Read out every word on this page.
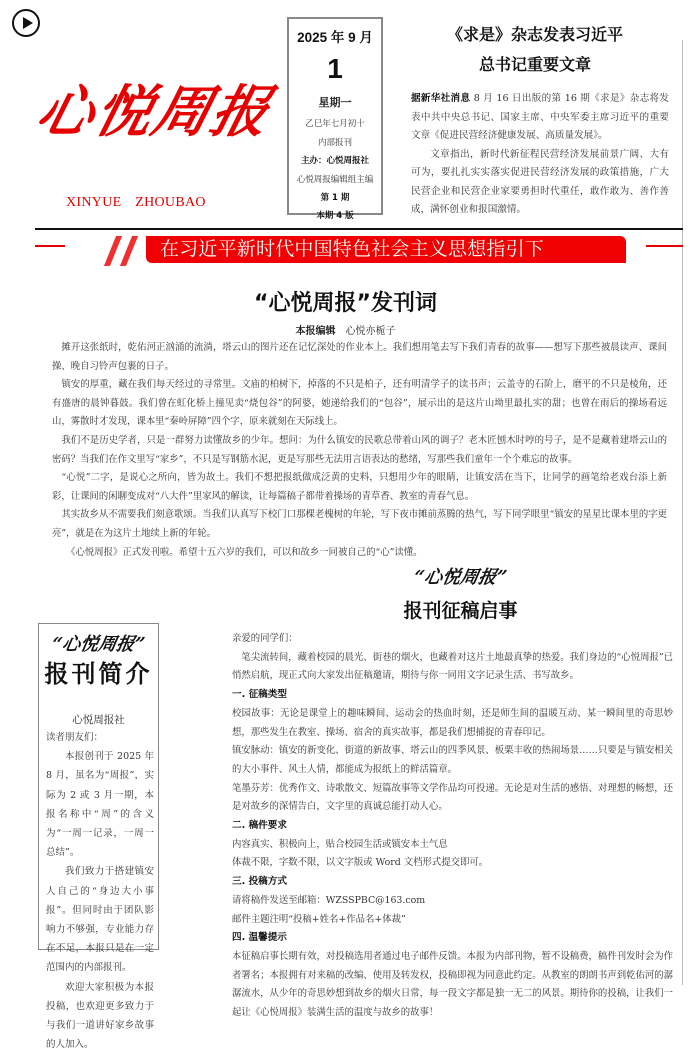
心悦周报
XINYUE ZHOUBAO
2025 年 9 月
1
星期一
乙巳年七月初十
内部报刊
主办：心悦周报社
心悦周报编辑组主编
第 1 期
本期 4 版
《求是》杂志发表习近平
总书记重要文章

据新华社消息 8 月 16 日出版的第 16 期《求是》杂志将发表中共中央总书记、国家主席、中央军委主席习近平的重要文章《促进民营经济健康发展、高质量发展》。

文章指出，新时代新征程民营经济发展前景广阔、大有可为，要扎扎实实落实促进民营经济发展的政策措施，广大民营企业和民营企业家要勇担时代重任，敢作敢为、善作善成，满怀创业和报国激情。

在习近平新时代中国特色社会主义思想指引下
“心悦周报”发刊词
本报编辑 心悦亦栀子

摊开这张纸时，乾佑河正汹涌的流淌，塔云山的图片还在记忆深处的作业本上。我们想用笔去写下我们青春的故事——想写下那些被晨读声、课间操、晚自习铃声包裹的日子。

镇安的厚重，藏在我们每天经过的寻常里。文庙的柏树下，掉落的不只是柏子，还有明清学子的读书声；云盖寺的石阶上，磨平的不只是棱角，还有盛唐的晨钟暮鼓。我们曾在虹化桥上撞见卖“烧包谷”的阿婆，她递给我们的“包谷”，展示出的是这片山坳里最扎实的甜；也曾在雨后的操场看远山，雾散时才发现，课本里“秦岭屏障”四个字，原来就刻在天际线上。

我们不是历史学者，只是一群努力读懂故乡的少年。想问：为什么镇安的民歌总带着山风的调子？老木匠刨木时哼的号子，是不是藏着建塔云山的密码？当我们在作文里写“家乡”，不只是写钢筋水泥，更是写那些无法用言语表达的愁绪，写那些我们童年一个个难忘的故事。

“心悦”二字，是说心之所向，皆为故土。我们不想把报纸做成泛黄的史料，只想用少年的眼睛，让镇安活在当下，让同学的画笔给老戏台添上新彩，让课间的闲聊变成对“八大件”里家风的解读，让每篇稿子都带着操场的青草香、教室的青春气息。

其实故乡从不需要我们刻意歌颂。当我们认真写下校门口那棵老槐树的年轮，写下夜市摊前蒸腾的热气，写下同学眼里“镇安的星星比课本里的字更亮”，就是在为这片土地续上新的年轮。

《心悦周报》正式发刊啦。希望十五六岁的我们，可以和故乡一同被自己的“心”读懂。

“心悦周报”
报刊简介
心悦周报社

读者朋友们：

本报创刊于 2025 年 8 月，虽名为“周报”，实际为 2 或 3 月一期，本报名称中“周”的含义为“一周一记录，一周一总结”。

我们致力于搭建镇安人自己的“身边大小事报”。但同时由于团队影响力不够强，专业能力存在不足，本报只是在一定范围内的内部报刊。

欢迎大家积极为本报投稿，也欢迎更多致力于与我们一道讲好家乡故事的人加入。

“心悦周报”
报刊征稿启事

亲爱的同学们：

笔尖流转间，藏着校园的晨光、街巷的烟火，也藏着对这片土地最真挚的热爱。我们身边的“心悦周报”已悄然启航，现正式向大家发出征稿邀请，期待与你一同用文字记录生活、书写故乡。

一. 征稿类型

校园故事：无论是课堂上的趣味瞬间、运动会的热血时刻，还是师生间的温暖互动、某一瞬间里的奇思妙想，那些发生在教室、操场、宿舍的真实故事，都是我们想捕捉的青春印记。

镇安脉动：镇安的新变化、街道的新故事、塔云山的四季风景、板栗丰收的热闹场景……只要是与镇安相关的大小事件、风土人情，都能成为报纸上的鲜活篇章。

笔墨芬芳：优秀作文、诗歌散文、短篇故事等文学作品均可投递。无论是对生活的感悟、对理想的畅想，还是对故乡的深情告白，文字里的真诚总能打动人心。

二. 稿件要求

内容真实、积极向上，贴合校园生活或镇安本土气息

体裁不限，字数不限，以文字版或 Word 文档形式提交即可。

三. 投稿方式

请将稿件发送至邮箱：WZSSPBC@163.com

邮件主题注明“投稿+姓名+作品名+体裁”

四. 温馨提示

本征稿启事长期有效，对投稿选用者通过电子邮件反馈。本报为内部刊物，暂不设稿费，稿件刊发时会为作者署名；本报拥有对来稿的改编、使用及转发权，投稿即视为同意此约定。从教室的朗朗书声到乾佑河的潺潺流水，从少年的奇思妙想到故乡的烟火日常，每一段文字都是独一无二的风景。期待你的投稿，让我们一起让《心悦周报》装满生活的温度与故乡的故事！
